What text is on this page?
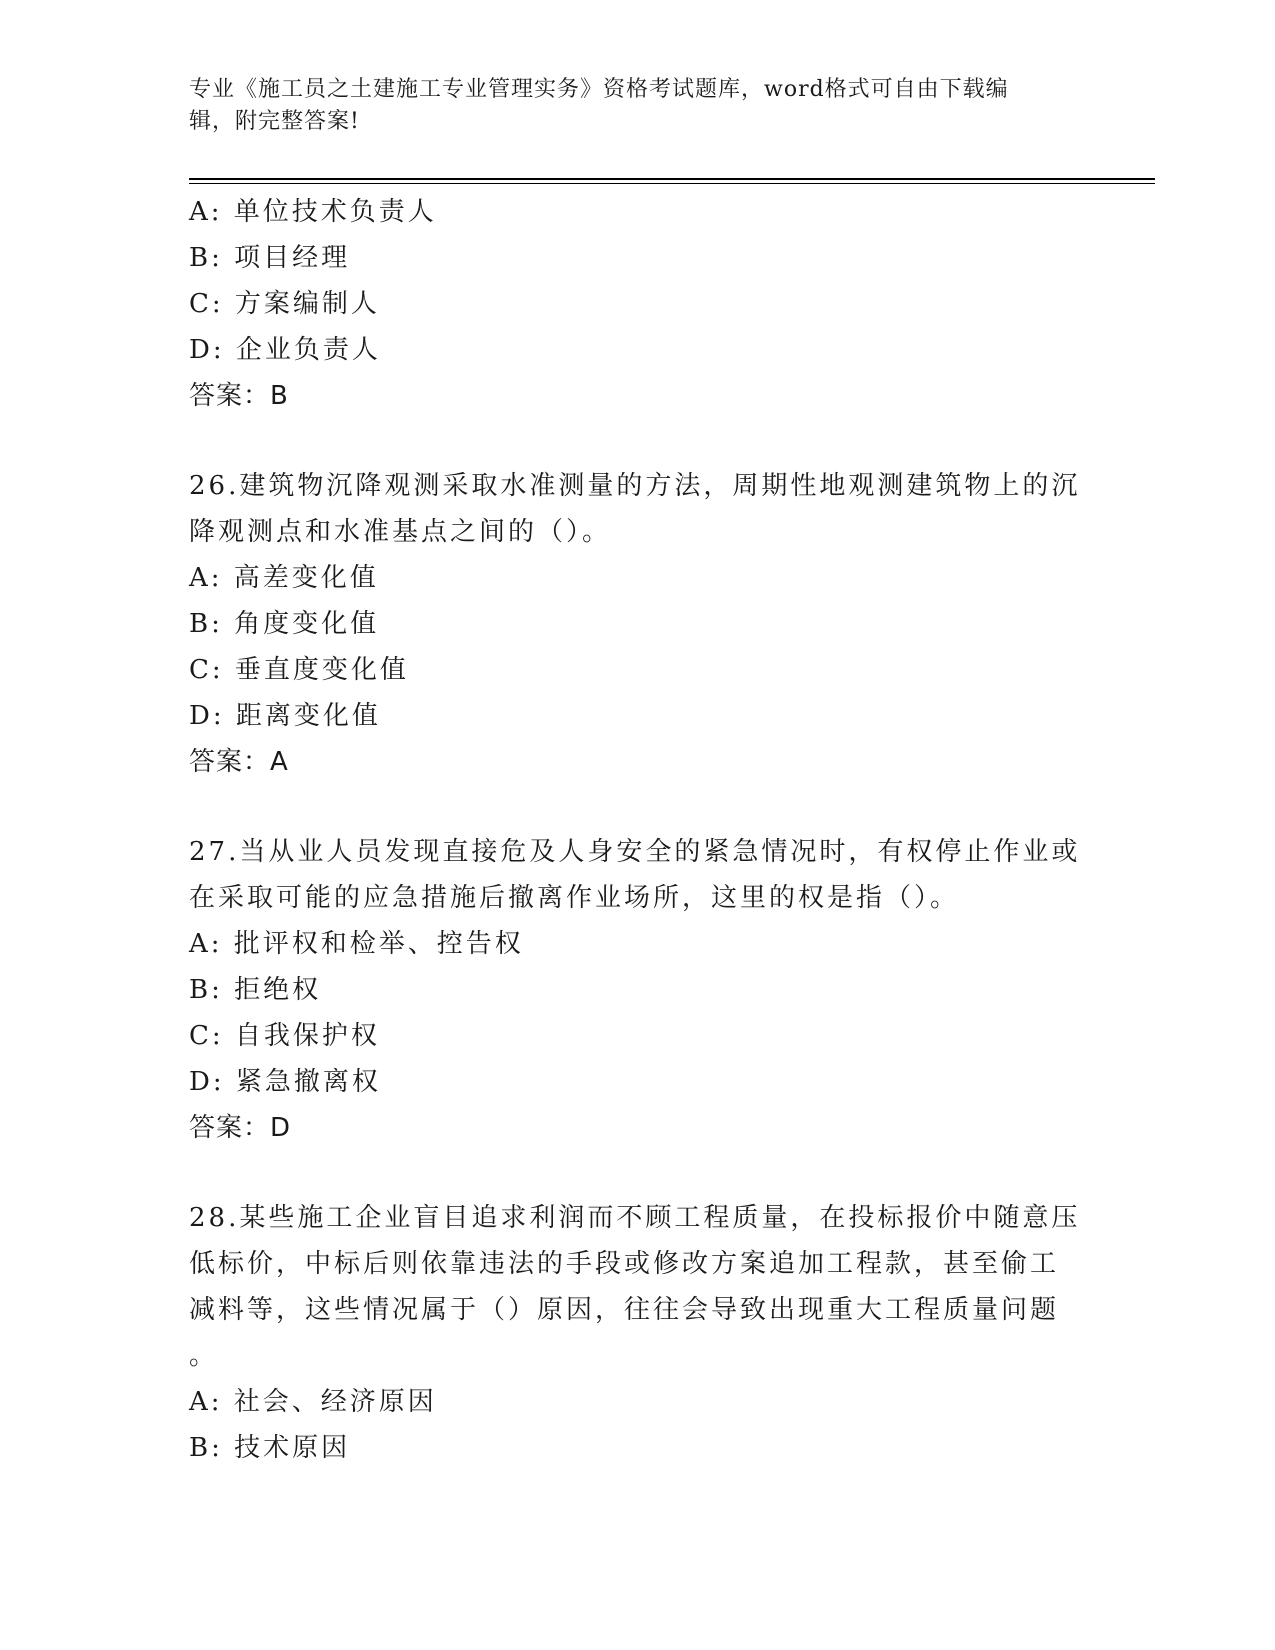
专业《施工员之土建施工专业管理实务》资格考试题库，word格式可自由下载编
辑，附完整答案!
A: 单位技术负责人
B: 项目经理
C: 方案编制人
D: 企业负责人
答案：B
26.建筑物沉降观测采取水准测量的方法，周期性地观测建筑物上的沉
降观测点和水准基点之间的（）。
A: 高差变化值
B: 角度变化值
C: 垂直度变化值
D: 距离变化值
答案：A
27.当从业人员发现直接危及人身安全的紧急情况时，有权停止作业或
在采取可能的应急措施后撤离作业场所，这里的权是指（）。
A: 批评权和检举、控告权
B: 拒绝权
C: 自我保护权
D: 紧急撤离权
答案：D
28.某些施工企业盲目追求利润而不顾工程质量，在投标报价中随意压
低标价，中标后则依靠违法的手段或修改方案追加工程款，甚至偷工
减料等，这些情况属于（）原因，往往会导致出现重大工程质量问题
。
A: 社会、经济原因
B: 技术原因
